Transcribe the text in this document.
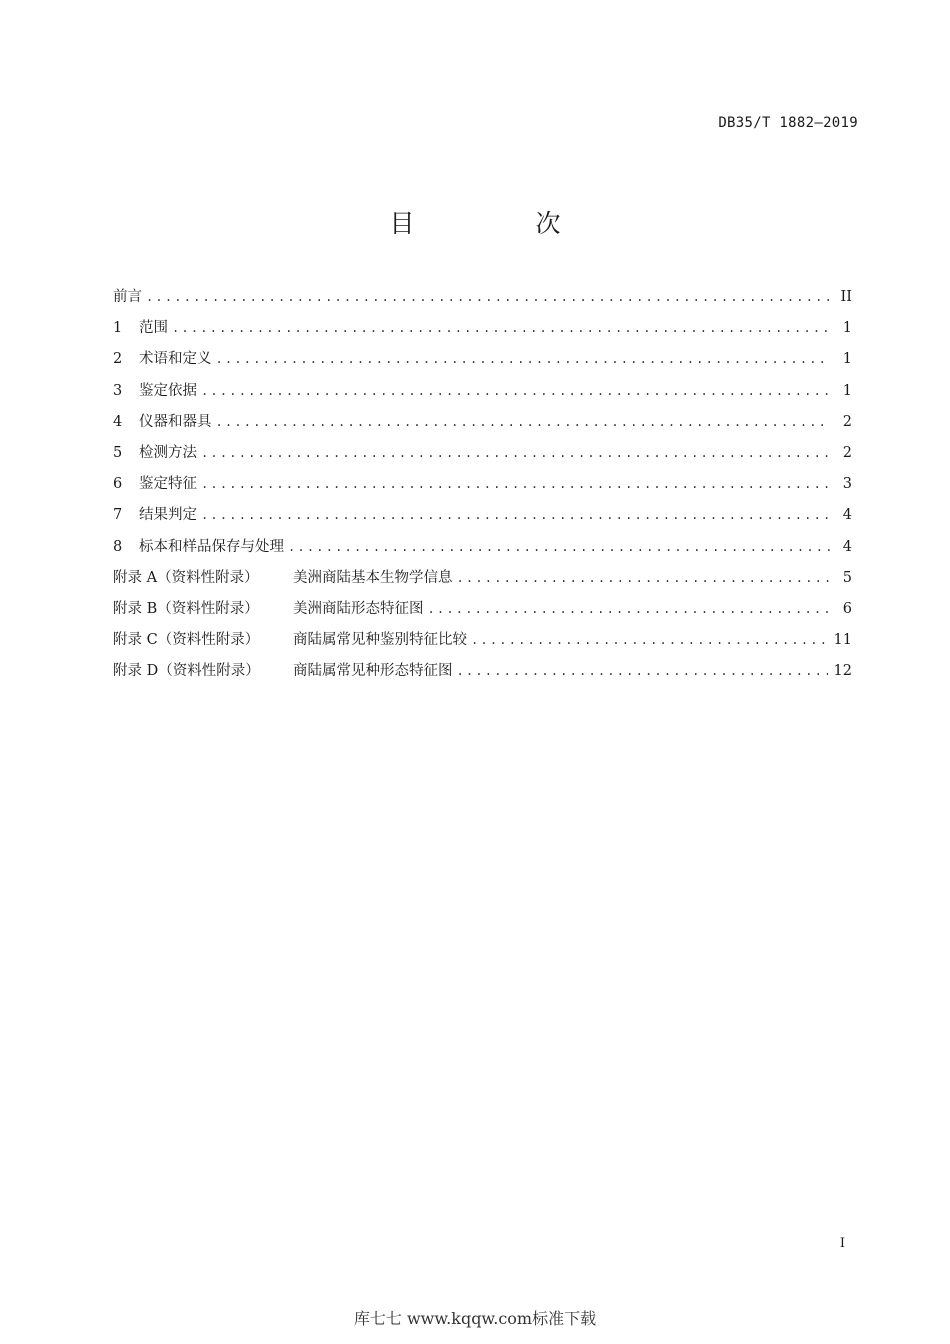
DB35/T 1882—2019
目　次
前言 .....	II
1	范围 .....	1
2	术语和定义 .....	1
3	鉴定依据 .....	1
4	仪器和器具 .....	2
5	检测方法 .....	2
6	鉴定特征 .....	3
7	结果判定 .....	4
8	标本和样品保存与处理 .....	4
附录 A（资料性附录）	美洲商陆基本生物学信息 .....	5
附录 B（资料性附录）	美洲商陆形态特征图 .....	6
附录 C（资料性附录）	商陆属常见种鉴别特征比较 .....	11
附录 D（资料性附录）	商陆属常见种形态特征图 .....	12
I
库七七 www.kqqw.com标准下载
